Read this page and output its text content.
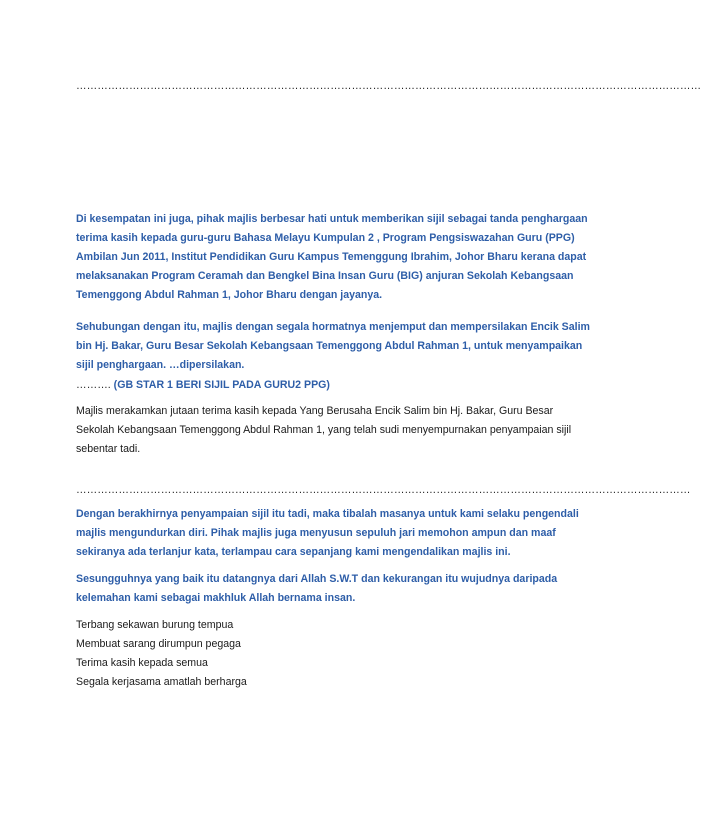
……………………………………………………………………………………………………………………………………………………………
Di kesempatan ini juga, pihak majlis berbesar hati untuk memberikan sijil sebagai tanda penghargaan
terima kasih kepada guru-guru Bahasa Melayu Kumpulan 2 , Program Pengsiswazahan Guru (PPG)
Ambilan Jun 2011, Institut Pendidikan Guru Kampus Temenggung Ibrahim, Johor Bharu kerana dapat
melaksanakan Program Ceramah dan Bengkel Bina Insan Guru (BIG) anjuran Sekolah Kebangsaan
Temenggong Abdul Rahman 1, Johor Bharu dengan jayanya.
Sehubungan dengan itu, majlis dengan segala hormatnya menjemput dan mempersilakan Encik Salim
bin Hj. Bakar, Guru Besar Sekolah Kebangsaan Temenggong Abdul Rahman 1, untuk menyampaikan
sijil penghargaan. …dipersilakan.
………. (GB STAR 1 BERI SIJIL PADA GURU2 PPG)
Majlis merakamkan jutaan terima kasih kepada Yang Berusaha Encik Salim bin Hj. Bakar, Guru Besar
Sekolah Kebangsaan Temenggong Abdul Rahman 1, yang telah sudi menyempurnakan penyampaian sijil
sebentar tadi.
…………………………………………………………………………………………………………………………………………………………
Dengan berakhirnya penyampaian sijil itu tadi, maka tibalah masanya untuk kami selaku pengendali
majlis mengundurkan diri. Pihak majlis juga menyusun sepuluh jari memohon ampun dan maaf
sekiranya ada terlanjur kata, terlampau cara sepanjang kami mengendalikan majlis ini.
Sesungguhnya yang baik itu datangnya dari Allah S.W.T dan kekurangan itu wujudnya daripada
kelemahan kami sebagai makhluk Allah bernama insan.
Terbang sekawan burung tempua
Membuat sarang dirumpun pegaga
Terima kasih kepada semua
Segala kerjasama amatlah berharga
